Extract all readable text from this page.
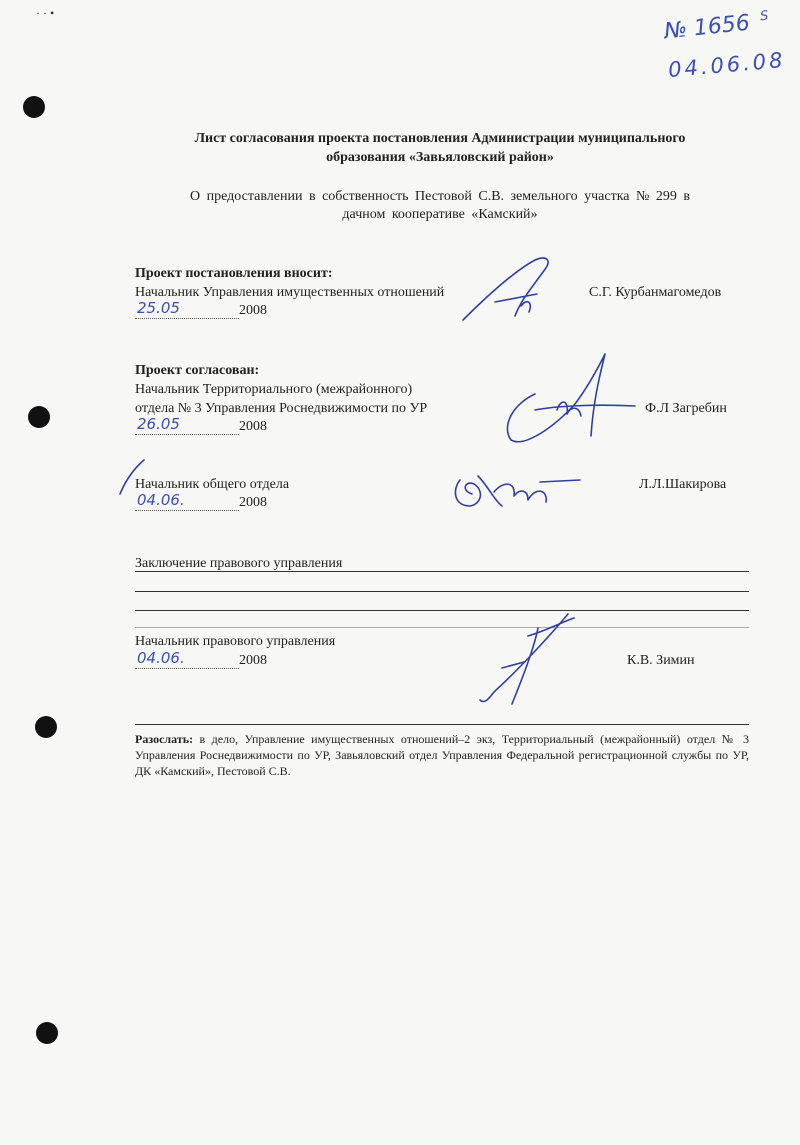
· · •	№ 1656 $^S$
04.06.08
Лист согласования проекта постановления Администрации муниципального
образования «Завьяловский район»
О предоставлении в собственность Пестовой С.В. земельного участка № 299 в
дачном кооперативе «Камский»
Проект постановления вносит:
Начальник Управления имущественных отношений	С.Г. Курбанмагомедов
25.05	2008
Проект согласован:
Начальник Территориального (межрайонного)
отдела № 3 Управления Роснедвижимости по УР	Ф.Л Загребин
26.05	2008
Начальник общего отдела	Л.Л.Шакирова
04.06.	2008
Заключение правового управления
Начальник правового управления
04.06.	2008	К.В. Зимин
Разослать: в дело, Управление имущественных отношений–2 экз, Территориальный (межрайонный) отдел № 3 Управления Роснедвижимости по УР, Завьяловский отдел Управления Федеральной регистрационной службы по УР, ДК «Камский», Пестовой С.В.
